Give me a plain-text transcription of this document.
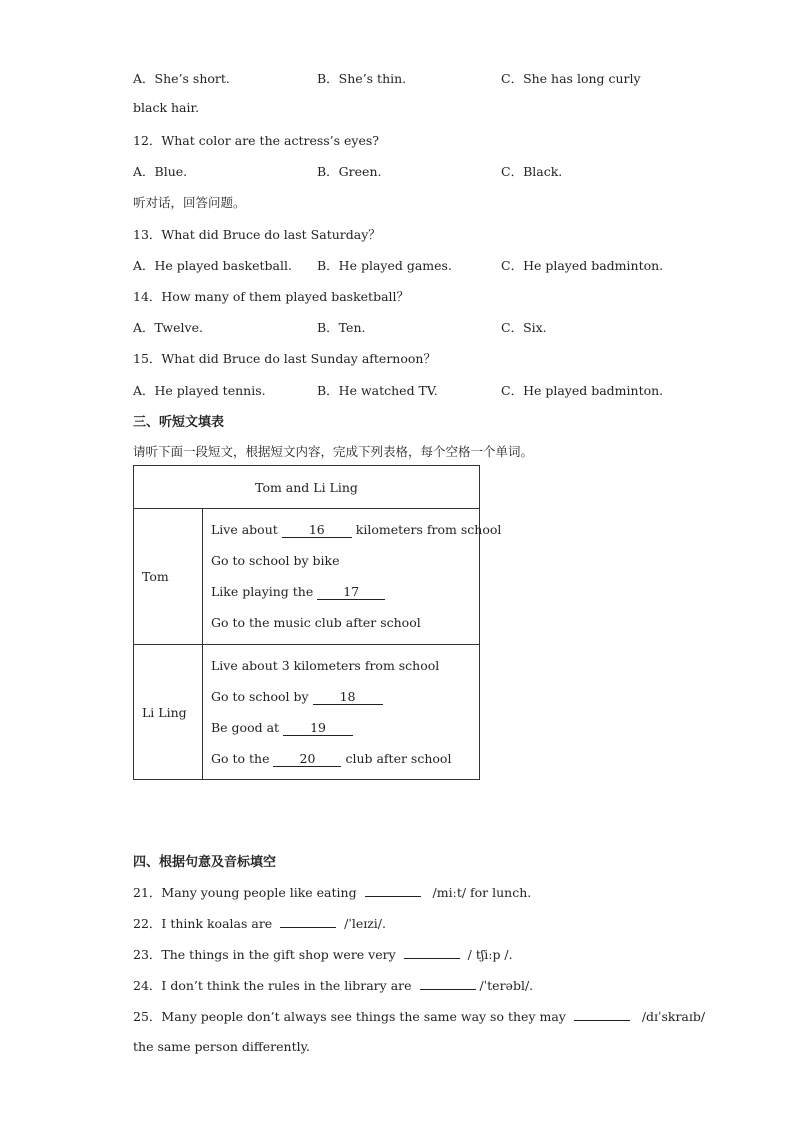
A．She’s short.	B．She’s thin.	C．She has long curly
black hair.
12．What color are the actress’s eyes?
A．Blue.	B．Green.	C．Black.
听对话，回答问题。
13．What did Bruce do last Saturday？
A．He played basketball. B．He played games.	C．He played badminton.
14．How many of them played basketball？
A．Twelve.	B．Ten.	C．Six.
15．What did Bruce do last Sunday afternoon？
A．He played tennis.	B．He watched TV.	C．He played badminton.
三、听短文填表
请听下面一段短文，根据短文内容，完成下列表格，每个空格一个单词。
Tom and Li Ling	
Tom	Live about 16 kilometers from school
Go to school by bike
Like playing the 17
Go to the music club after school

Li Ling	Live about 3 kilometers from school
Go to school by 18
Be good at 19
Go to the 20 club after school
四、根据句意及音标填空
21．Many young people like eating	/miːt/ for lunch.
22．I think koalas are	/ˈleɪzi/.
23．The things in the gift shop were very	/ tʃiːp /.
24．I don’t think the rules in the library are	/ˈterəbl/.
25．Many people don’t always see things the same way so they may	/dɪˈskraɪb/
the same person differently.
